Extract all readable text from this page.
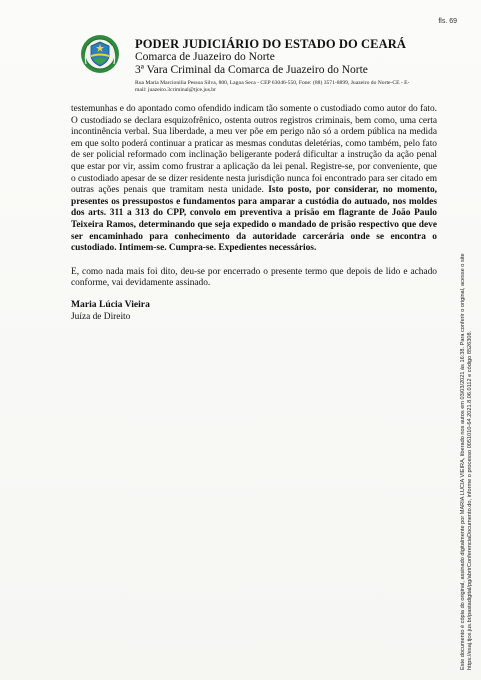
fls. 69
PODER JUDICIÁRIO DO ESTADO DO CEARÁ
Comarca de Juazeiro do Norte
3ª Vara Criminal da Comarca de Juazeiro do Norte
Rua Maria Marcionilia Pessoa Silva, 800, Lagoa Seca - CEP 63046-550, Fone: (88) 3571-8899, Juazeiro do Norte-CE - E-mail: juazeiro.3criminal@tjce.jus.br

testemunhas e do apontado como ofendido indicam tão somente o custodiado como autor do fato. O custodiado se declara esquizofrênico, ostenta outros registros criminais, bem como, uma certa incontinência verbal. Sua liberdade, a meu ver põe em perigo não só a ordem pública na medida em que solto poderá continuar a praticar as mesmas condutas deletérias, como também, pelo fato de ser policial reformado com inclinação beligerante poderá dificultar a instrução da ação penal que estar por vir, assim como frustrar a aplicação da lei penal. Registre-se, por conveniente, que o custodiado apesar de se dizer residente nesta jurisdição nunca foi encontrado para ser citado em outras ações penais que tramitam nesta unidade. Isto posto, por considerar, no momento, presentes os pressupostos e fundamentos para amparar a custódia do autuado, nos moldes dos arts. 311 a 313 do CPP, convolo em preventiva a prisão em flagrante de João Paulo Teixeira Ramos, determinando que seja expedido o mandado de prisão respectivo que deve ser encaminhado para conhecimento da autoridade carcerária onde se encontra o custodiado. Intimem-se. Cumpra-se. Expedientes necessários.

E, como nada mais foi dito, deu-se por encerrado o presente termo que depois de lido e achado conforme, vai devidamente assinado.

Maria Lúcia Vieira
Juíza de Direito	Este documento é cópia do original, assinado digitalmente por MARIA LUCIA VIEIRA, liberado nos autos em 03/03/2021 às 16:38. Para conferir o original, acesse o site https://esaj.tjce.jus.br/pastadigital/pg/abrirConferenciaDocumento.do, informe o processo 0051010-64.2021.8.06.0112 e código 8526308.
